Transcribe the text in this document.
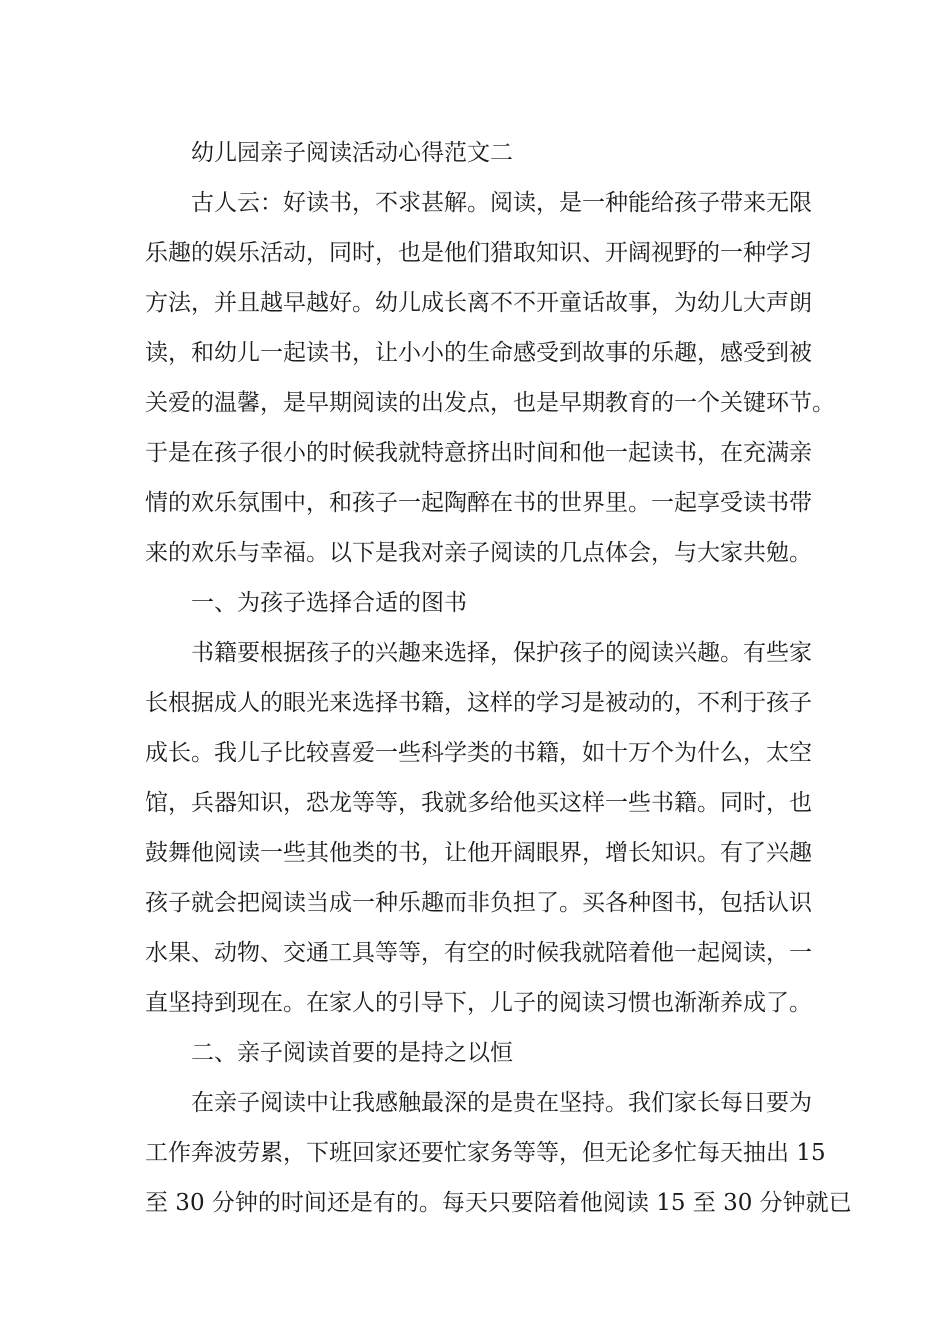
幼儿园亲子阅读活动心得范文二
古人云：好读书，不求甚解。阅读，是一种能给孩子带来无限
乐趣的娱乐活动，同时，也是他们猎取知识、开阔视野的一种学习
方法，并且越早越好。幼儿成长离不不开童话故事，为幼儿大声朗
读，和幼儿一起读书，让小小的生命感受到故事的乐趣，感受到被
关爱的温馨，是早期阅读的出发点，也是早期教育的一个关键环节。
于是在孩子很小的时候我就特意挤出时间和他一起读书，在充满亲
情的欢乐氛围中，和孩子一起陶醉在书的世界里。一起享受读书带
来的欢乐与幸福。以下是我对亲子阅读的几点体会，与大家共勉。
一、为孩子选择合适的图书
书籍要根据孩子的兴趣来选择，保护孩子的阅读兴趣。有些家
长根据成人的眼光来选择书籍，这样的学习是被动的，不利于孩子
成长。我儿子比较喜爱一些科学类的书籍，如十万个为什么，太空
馆，兵器知识，恐龙等等，我就多给他买这样一些书籍。同时，也
鼓舞他阅读一些其他类的书，让他开阔眼界，增长知识。有了兴趣
孩子就会把阅读当成一种乐趣而非负担了。买各种图书，包括认识
水果、动物、交通工具等等，有空的时候我就陪着他一起阅读，一
直坚持到现在。在家人的引导下，儿子的阅读习惯也渐渐养成了。
二、亲子阅读首要的是持之以恒
在亲子阅读中让我感触最深的是贵在坚持。我们家长每日要为
工作奔波劳累，下班回家还要忙家务等等，但无论多忙每天抽出 15
至 30 分钟的时间还是有的。每天只要陪着他阅读 15 至 30 分钟就已
